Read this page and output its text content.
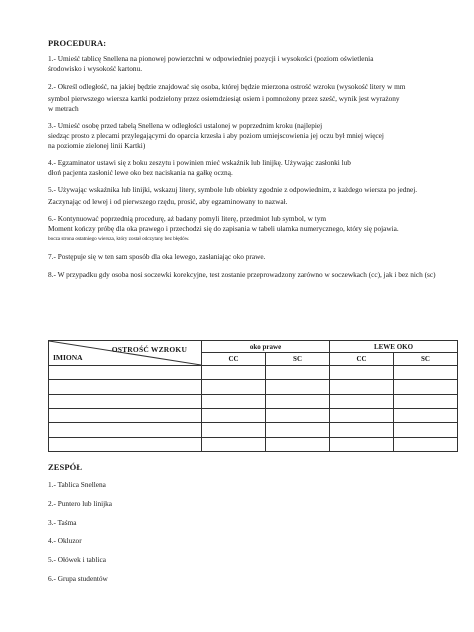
PROCEDURA:
1.- Umieść tablicę Snellena na pionowej powierzchni w odpowiedniej pozycji i wysokości (poziom oświetlenia
środowisko i wysokość kartonu.
2.- Określ odległość, na jakiej będzie znajdować się osoba, której będzie mierzona ostrość wzroku (wysokość litery w mm
symbol pierwszego wiersza kartki podzielony przez osiemdziesiąt osiem i pomnożony przez sześć, wynik jest wyrażony
w metrach
3.- Umieść osobę przed tabelą Snellena w odległości ustalonej w poprzednim kroku (najlepiej
siedząc prosto z plecami przylegającymi do oparcia krzesła i aby poziom umiejscowienia jej oczu był mniej więcej
na poziomie zielonej linii Kartki)
4.- Egzaminator ustawi się z boku zeszytu i powinien mieć wskaźnik lub linijkę. Używając zasłonki lub
dłoń pacjenta zasłonić lewe oko bez naciskania na gałkę oczną.
5.- Używając wskaźnika lub linijki, wskazuj litery, symbole lub obiekty zgodnie z odpowiednim, z każdego wiersza po jednej.
Zaczynając od lewej i od pierwszego rzędu, prosić, aby egzaminowany to nazwał.
6.- Kontynuować poprzednią procedurę, aż badany pomyli literę, przedmiot lub symbol, w tym
Moment kończy próbę dla oka prawego i przechodzi się do zapisania w tabeli ułamka numerycznego, który się pojawia.
bocza strona ostatniego wiersza, który został odczytany bez błędów.
7.- Postępuje się w ten sam sposób dla oka lewego, zasłaniając oko prawe.
8.- W przypadku gdy osoba nosi soczewki korekcyjne, test zostanie przeprowadzony zarówno w soczewkach (cc), jak i bez nich (sc)
OSTROŚĆ WZROKU
IMIONA	oko prawe		LEWE OKO	
	CC	SC	CC	SC

ZESPÓŁ
1.- Tablica Snellena
2.- Puntero lub linijka
3.- Taśma
4.- Okluzor
5.- Ołówek i tablica
6.- Grupa studentów
